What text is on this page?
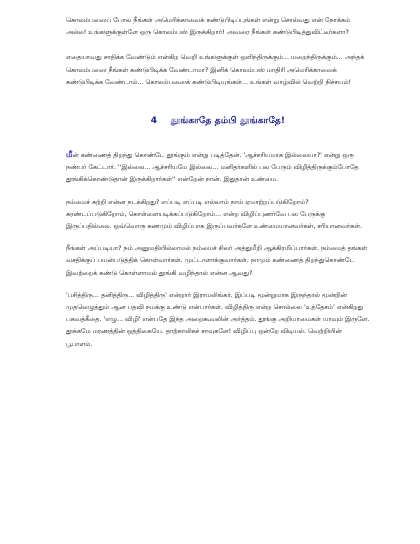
கொலம்பஸைப் போல நீங்கள் அமெரிக்காவைக் கண்டுபிடிப்புங்கள் என்று சொல்வது என் நோக்கம் அல்ல! உங்களுக்குள்ளே ஒரு கொலம்பஸ் இருக்கிறார்! அவரை நீங்கள் கண்டுபிடித்துவிட்டீர்களா?

எதையாவது சாதிக்க வேண்டும் என்கிற வெறி உங்களுக்குள் ஒளிந்திருக்கும்... மறைந்திருக்கும்... அந்தக் கொலம்பஸை நீங்கள் கண்டுபிடிக்க வேண்டாமா? இனிக் கொலம்பஸ் மாதிரி அமெரிக்காவைக் கண்டுபிடிக்க வேண்டாம்... கொலம்பஸைக் கண்டுபிடியுங்கள்... உங்கள் வாழ்வில் வெற்றி நிச்சயம்!

4 தூங்காதே தம்பி தூங்காதே!

மீன் கண்ணைத் திறந்து கொண்டே தூங்கும் என்று படித்தேன். 'ஆச்சரியமாக இல்லையா?' என்று ஒரு நண்பர் கேட்டார். ''இல்லை... ஆச்சரியமே இல்லை... மனிதர்களில் பல பேரும் விழித்திருக்கும்போதே தூங்கிக்கொண்டுதான் இருக்கிறார்கள்'' என்றேன் நான். இதுதான் உண்மை.

நம்மைச் சுற்றி என்ன நடக்கிறது? எப்படி எப்படி எல்லாம் நாம் ஏமாற்றப்படுகிறோம்? சுரண்டப்படுகிறோம், கொள்ளையடிக்கப்படுகிறோம்... என்ற விழிப்புணர்வே பல பேருக்கு இருப்பதில்லை. ஒவ்வொரு கணமும் விழிப்பாக இருப்பவர்களே உண்மையானவர்கள், சரியானவர்கள்.

நீங்கள் அப்படியா? நம் அனுமதியில்லாமல் நம்மைச் சிலர் அத்துமீறி ஆக்கிரமிப்பார்கள். நம்மைத் தங்கள் வசதிக்குப் பயன்படுத்திக் கொள்வார்கள். முட்டாளாக்குவார்கள். நாமும் கண்ணைத் திறந்துகொண்டே இவற்றைக் கண்டு கொள்ளாமல் தூங்கி வழிந்தால் என்ன ஆவது?

'பசித்திரு... தனித்திரு... விழித்திரு' என்றார் இராமலிங்கர். இப்படி மூன்றுமாக இருந்தால் மூன்றின் முதலெழுத்தும் ஆன பதவி நமக்கு உண்டு என்பார்கள். விழித்திரு என்ற சொல்லை 'உத்தேசம்' என்கிறது பகவத்கீதை. 'எழு... விழி' என்பதே இந்த அறைகூவலின் அர்த்தம். தூங்கு அறியாமைகள் யாவும் இருளே. தூக்கமே மரணத்தின் ஒத்திகையே. தாற்காலிகச் சாவுகளே! விழிப்பு ஒன்றே விடியல். வெற்றியின் பூபாளம்.
